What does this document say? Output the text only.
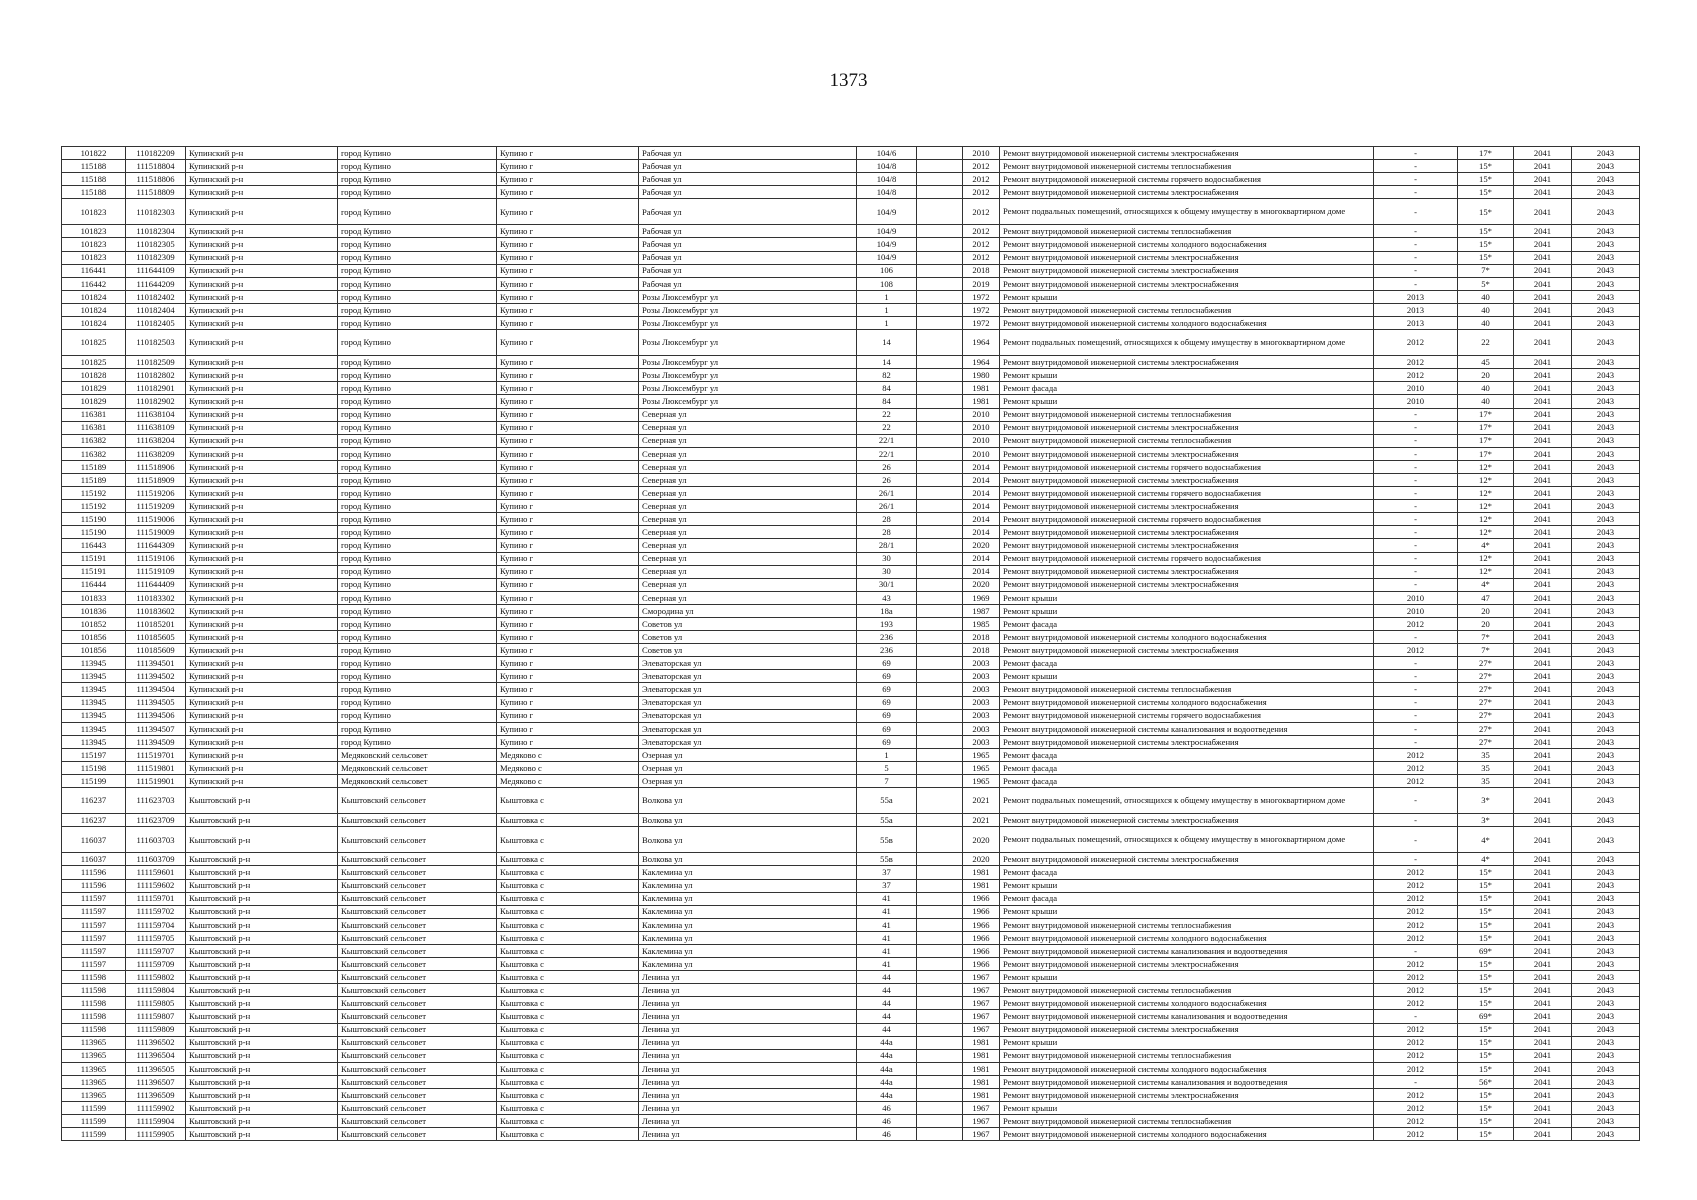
1373
101822	110182209	Купинский р-н	город Купино	Купино г	Рабочая ул	104/6		2010	Ремонт внутридомовой инженерной системы электроснабжения	-	17*	2041	2043
115188	111518804	Купинский р-н	город Купино	Купино г	Рабочая ул	104/8		2012	Ремонт внутридомовой инженерной системы теплоснабжения	-	15*	2041	2043
115188	111518806	Купинский р-н	город Купино	Купино г	Рабочая ул	104/8		2012	Ремонт внутридомовой инженерной системы горячего водоснабжения	-	15*	2041	2043
115188	111518809	Купинский р-н	город Купино	Купино г	Рабочая ул	104/8		2012	Ремонт внутридомовой инженерной системы электроснабжения	-	15*	2041	2043
101823	110182303	Купинский р-н	город Купино	Купино г	Рабочая ул	104/9		2012	Ремонт подвальных помещений, относящихся к общему имуществу в многоквартирном доме	-	15*	2041	2043
101823	110182304	Купинский р-н	город Купино	Купино г	Рабочая ул	104/9		2012	Ремонт внутридомовой инженерной системы теплоснабжения	-	15*	2041	2043
101823	110182305	Купинский р-н	город Купино	Купино г	Рабочая ул	104/9		2012	Ремонт внутридомовой инженерной системы холодного водоснабжения	-	15*	2041	2043
101823	110182309	Купинский р-н	город Купино	Купино г	Рабочая ул	104/9		2012	Ремонт внутридомовой инженерной системы электроснабжения	-	15*	2041	2043
116441	111644109	Купинский р-н	город Купино	Купино г	Рабочая ул	106		2018	Ремонт внутридомовой инженерной системы электроснабжения	-	7*	2041	2043
116442	111644209	Купинский р-н	город Купино	Купино г	Рабочая ул	108		2019	Ремонт внутридомовой инженерной системы электроснабжения	-	5*	2041	2043
101824	110182402	Купинский р-н	город Купино	Купино г	Розы Люксембург ул	1		1972	Ремонт крыши	2013	40	2041	2043
101824	110182404	Купинский р-н	город Купино	Купино г	Розы Люксембург ул	1		1972	Ремонт внутридомовой инженерной системы теплоснабжения	2013	40	2041	2043
101824	110182405	Купинский р-н	город Купино	Купино г	Розы Люксембург ул	1		1972	Ремонт внутридомовой инженерной системы холодного водоснабжения	2013	40	2041	2043
101825	110182503	Купинский р-н	город Купино	Купино г	Розы Люксембург ул	14		1964	Ремонт подвальных помещений, относящихся к общему имуществу в многоквартирном доме	2012	22	2041	2043
101825	110182509	Купинский р-н	город Купино	Купино г	Розы Люксембург ул	14		1964	Ремонт внутридомовой инженерной системы электроснабжения	2012	45	2041	2043
101828	110182802	Купинский р-н	город Купино	Купино г	Розы Люксембург ул	82		1980	Ремонт крыши	2012	20	2041	2043
101829	110182901	Купинский р-н	город Купино	Купино г	Розы Люксембург ул	84		1981	Ремонт фасада	2010	40	2041	2043
101829	110182902	Купинский р-н	город Купино	Купино г	Розы Люксембург ул	84		1981	Ремонт крыши	2010	40	2041	2043
116381	111638104	Купинский р-н	город Купино	Купино г	Северная ул	22		2010	Ремонт внутридомовой инженерной системы теплоснабжения	-	17*	2041	2043
116381	111638109	Купинский р-н	город Купино	Купино г	Северная ул	22		2010	Ремонт внутридомовой инженерной системы электроснабжения	-	17*	2041	2043
116382	111638204	Купинский р-н	город Купино	Купино г	Северная ул	22/1		2010	Ремонт внутридомовой инженерной системы теплоснабжения	-	17*	2041	2043
116382	111638209	Купинский р-н	город Купино	Купино г	Северная ул	22/1		2010	Ремонт внутридомовой инженерной системы электроснабжения	-	17*	2041	2043
115189	111518906	Купинский р-н	город Купино	Купино г	Северная ул	26		2014	Ремонт внутридомовой инженерной системы горячего водоснабжения	-	12*	2041	2043
115189	111518909	Купинский р-н	город Купино	Купино г	Северная ул	26		2014	Ремонт внутридомовой инженерной системы электроснабжения	-	12*	2041	2043
115192	111519206	Купинский р-н	город Купино	Купино г	Северная ул	26/1		2014	Ремонт внутридомовой инженерной системы горячего водоснабжения	-	12*	2041	2043
115192	111519209	Купинский р-н	город Купино	Купино г	Северная ул	26/1		2014	Ремонт внутридомовой инженерной системы электроснабжения	-	12*	2041	2043
115190	111519006	Купинский р-н	город Купино	Купино г	Северная ул	28		2014	Ремонт внутридомовой инженерной системы горячего водоснабжения	-	12*	2041	2043
115190	111519009	Купинский р-н	город Купино	Купино г	Северная ул	28		2014	Ремонт внутридомовой инженерной системы электроснабжения	-	12*	2041	2043
116443	111644309	Купинский р-н	город Купино	Купино г	Северная ул	28/1		2020	Ремонт внутридомовой инженерной системы электроснабжения	-	4*	2041	2043
115191	111519106	Купинский р-н	город Купино	Купино г	Северная ул	30		2014	Ремонт внутридомовой инженерной системы горячего водоснабжения	-	12*	2041	2043
115191	111519109	Купинский р-н	город Купино	Купино г	Северная ул	30		2014	Ремонт внутридомовой инженерной системы электроснабжения	-	12*	2041	2043
116444	111644409	Купинский р-н	город Купино	Купино г	Северная ул	30/1		2020	Ремонт внутридомовой инженерной системы электроснабжения	-	4*	2041	2043
101833	110183302	Купинский р-н	город Купино	Купино г	Северная ул	43		1969	Ремонт крыши	2010	47	2041	2043
101836	110183602	Купинский р-н	город Купино	Купино г	Смородина ул	18а		1987	Ремонт крыши	2010	20	2041	2043
101852	110185201	Купинский р-н	город Купино	Купино г	Советов ул	193		1985	Ремонт фасада	2012	20	2041	2043
101856	110185605	Купинский р-н	город Купино	Купино г	Советов ул	236		2018	Ремонт внутридомовой инженерной системы холодного водоснабжения	-	7*	2041	2043
101856	110185609	Купинский р-н	город Купино	Купино г	Советов ул	236		2018	Ремонт внутридомовой инженерной системы электроснабжения	2012	7*	2041	2043
113945	111394501	Купинский р-н	город Купино	Купино г	Элеваторская ул	69		2003	Ремонт фасада	-	27*	2041	2043
113945	111394502	Купинский р-н	город Купино	Купино г	Элеваторская ул	69		2003	Ремонт крыши	-	27*	2041	2043
113945	111394504	Купинский р-н	город Купино	Купино г	Элеваторская ул	69		2003	Ремонт внутридомовой инженерной системы теплоснабжения	-	27*	2041	2043
113945	111394505	Купинский р-н	город Купино	Купино г	Элеваторская ул	69		2003	Ремонт внутридомовой инженерной системы холодного водоснабжения	-	27*	2041	2043
113945	111394506	Купинский р-н	город Купино	Купино г	Элеваторская ул	69		2003	Ремонт внутридомовой инженерной системы горячего водоснабжения	-	27*	2041	2043
113945	111394507	Купинский р-н	город Купино	Купино г	Элеваторская ул	69		2003	Ремонт внутридомовой инженерной системы канализования и водоотведения	-	27*	2041	2043
113945	111394509	Купинский р-н	город Купино	Купино г	Элеваторская ул	69		2003	Ремонт внутридомовой инженерной системы электроснабжения	-	27*	2041	2043
115197	111519701	Купинский р-н	Медяковский сельсовет	Медяково с	Озерная ул	1		1965	Ремонт фасада	2012	35	2041	2043
115198	111519801	Купинский р-н	Медяковский сельсовет	Медяково с	Озерная ул	5		1965	Ремонт фасада	2012	35	2041	2043
115199	111519901	Купинский р-н	Медяковский сельсовет	Медяково с	Озерная ул	7		1965	Ремонт фасада	2012	35	2041	2043
116237	111623703	Кыштовский р-н	Кыштовский сельсовет	Кыштовка с	Волкова ул	55а		2021	Ремонт подвальных помещений, относящихся к общему имуществу в многоквартирном доме	-	3*	2041	2043
116237	111623709	Кыштовский р-н	Кыштовский сельсовет	Кыштовка с	Волкова ул	55а		2021	Ремонт внутридомовой инженерной системы электроснабжения	-	3*	2041	2043
116037	111603703	Кыштовский р-н	Кыштовский сельсовет	Кыштовка с	Волкова ул	55в		2020	Ремонт подвальных помещений, относящихся к общему имуществу в многоквартирном доме	-	4*	2041	2043
116037	111603709	Кыштовский р-н	Кыштовский сельсовет	Кыштовка с	Волкова ул	55в		2020	Ремонт внутридомовой инженерной системы электроснабжения	-	4*	2041	2043
111596	111159601	Кыштовский р-н	Кыштовский сельсовет	Кыштовка с	Каклемина ул	37		1981	Ремонт фасада	2012	15*	2041	2043
111596	111159602	Кыштовский р-н	Кыштовский сельсовет	Кыштовка с	Каклемина ул	37		1981	Ремонт крыши	2012	15*	2041	2043
111597	111159701	Кыштовский р-н	Кыштовский сельсовет	Кыштовка с	Каклемина ул	41		1966	Ремонт фасада	2012	15*	2041	2043
111597	111159702	Кыштовский р-н	Кыштовский сельсовет	Кыштовка с	Каклемина ул	41		1966	Ремонт крыши	2012	15*	2041	2043
111597	111159704	Кыштовский р-н	Кыштовский сельсовет	Кыштовка с	Каклемина ул	41		1966	Ремонт внутридомовой инженерной системы теплоснабжения	2012	15*	2041	2043
111597	111159705	Кыштовский р-н	Кыштовский сельсовет	Кыштовка с	Каклемина ул	41		1966	Ремонт внутридомовой инженерной системы холодного водоснабжения	2012	15*	2041	2043
111597	111159707	Кыштовский р-н	Кыштовский сельсовет	Кыштовка с	Каклемина ул	41		1966	Ремонт внутридомовой инженерной системы канализования и водоотведения	-	69*	2041	2043
111597	111159709	Кыштовский р-н	Кыштовский сельсовет	Кыштовка с	Каклемина ул	41		1966	Ремонт внутридомовой инженерной системы электроснабжения	2012	15*	2041	2043
111598	111159802	Кыштовский р-н	Кыштовский сельсовет	Кыштовка с	Ленина ул	44		1967	Ремонт крыши	2012	15*	2041	2043
111598	111159804	Кыштовский р-н	Кыштовский сельсовет	Кыштовка с	Ленина ул	44		1967	Ремонт внутридомовой инженерной системы теплоснабжения	2012	15*	2041	2043
111598	111159805	Кыштовский р-н	Кыштовский сельсовет	Кыштовка с	Ленина ул	44		1967	Ремонт внутридомовой инженерной системы холодного водоснабжения	2012	15*	2041	2043
111598	111159807	Кыштовский р-н	Кыштовский сельсовет	Кыштовка с	Ленина ул	44		1967	Ремонт внутридомовой инженерной системы канализования и водоотведения	-	69*	2041	2043
111598	111159809	Кыштовский р-н	Кыштовский сельсовет	Кыштовка с	Ленина ул	44		1967	Ремонт внутридомовой инженерной системы электроснабжения	2012	15*	2041	2043
113965	111396502	Кыштовский р-н	Кыштовский сельсовет	Кыштовка с	Ленина ул	44а		1981	Ремонт крыши	2012	15*	2041	2043
113965	111396504	Кыштовский р-н	Кыштовский сельсовет	Кыштовка с	Ленина ул	44а		1981	Ремонт внутридомовой инженерной системы теплоснабжения	2012	15*	2041	2043
113965	111396505	Кыштовский р-н	Кыштовский сельсовет	Кыштовка с	Ленина ул	44а		1981	Ремонт внутридомовой инженерной системы холодного водоснабжения	2012	15*	2041	2043
113965	111396507	Кыштовский р-н	Кыштовский сельсовет	Кыштовка с	Ленина ул	44а		1981	Ремонт внутридомовой инженерной системы канализования и водоотведения	-	56*	2041	2043
113965	111396509	Кыштовский р-н	Кыштовский сельсовет	Кыштовка с	Ленина ул	44а		1981	Ремонт внутридомовой инженерной системы электроснабжения	2012	15*	2041	2043
111599	111159902	Кыштовский р-н	Кыштовский сельсовет	Кыштовка с	Ленина ул	46		1967	Ремонт крыши	2012	15*	2041	2043
111599	111159904	Кыштовский р-н	Кыштовский сельсовет	Кыштовка с	Ленина ул	46		1967	Ремонт внутридомовой инженерной системы теплоснабжения	2012	15*	2041	2043
111599	111159905	Кыштовский р-н	Кыштовский сельсовет	Кыштовка с	Ленина ул	46		1967	Ремонт внутридомовой инженерной системы холодного водоснабжения	2012	15*	2041	2043
